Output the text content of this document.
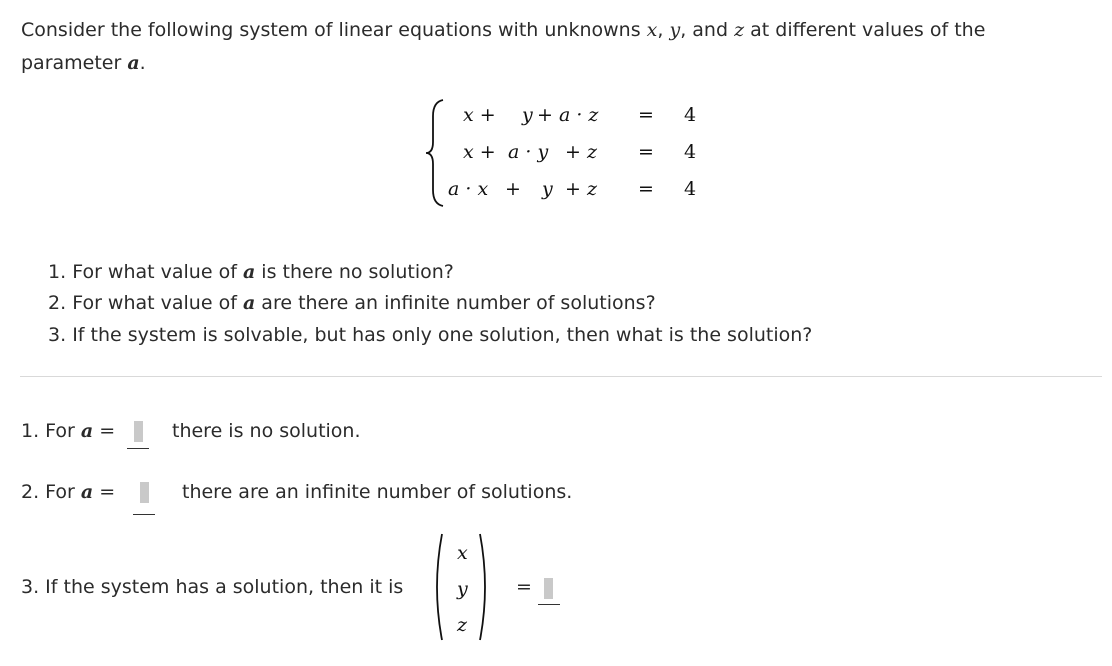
Consider the following system of linear equations with unknowns x, y, and z at different values of the
parameter a.
x + y + a · z = 4
x + a · y + z = 4
a · x + y + z = 4
1. For what value of a is there no solution?
2. For what value of a are there an infinite number of solutions?
3. If the system is solvable, but has only one solution, then what is the solution?
1. For a =	there is no solution.
2. For a =	there are an infinite number of solutions.
3. If the system has a solution, then it is
x
y
z
=
